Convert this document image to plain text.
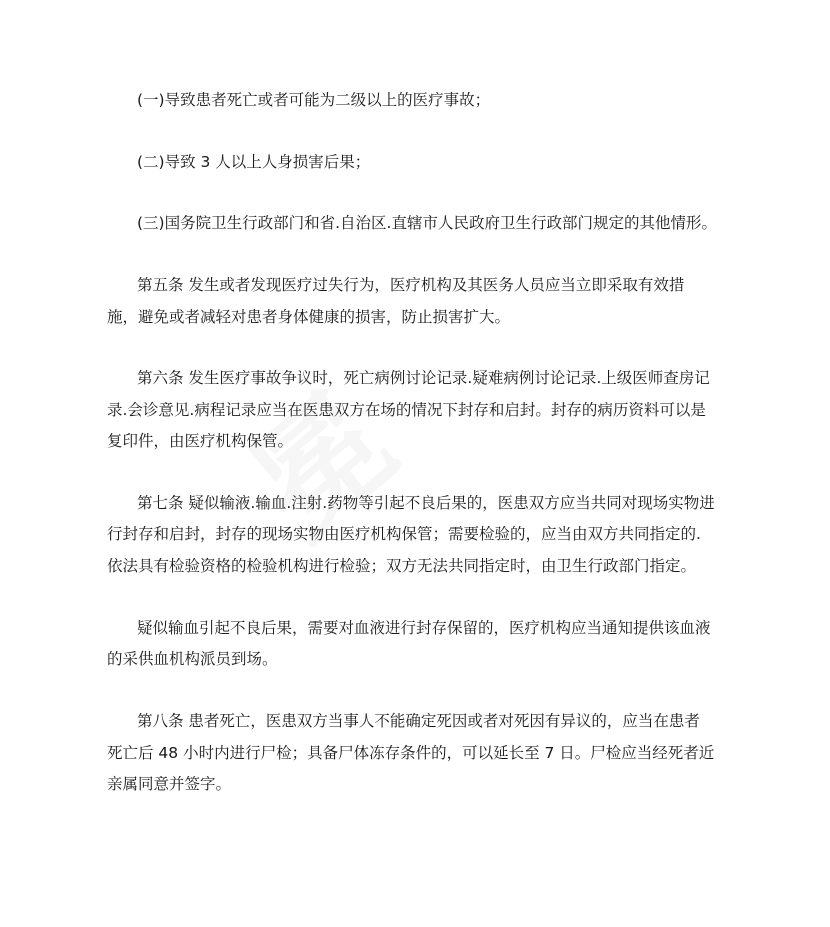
(一)导致患者死亡或者可能为二级以上的医疗事故；
(二)导致 3 人以上人身损害后果；
(三)国务院卫生行政部门和省.自治区.直辖市人民政府卫生行政部门规定的其他情形。
第五条 发生或者发现医疗过失行为，医疗机构及其医务人员应当立即采取有效措
施，避免或者减轻对患者身体健康的损害，防止损害扩大。
第六条 发生医疗事故争议时，死亡病例讨论记录.疑难病例讨论记录.上级医师查房记
录.会诊意见.病程记录应当在医患双方在场的情况下封存和启封。封存的病历资料可以是
复印件，由医疗机构保管。
第七条 疑似输液.输血.注射.药物等引起不良后果的，医患双方应当共同对现场实物进
行封存和启封，封存的现场实物由医疗机构保管；需要检验的，应当由双方共同指定的.
依法具有检验资格的检验机构进行检验；双方无法共同指定时，由卫生行政部门指定。
疑似输血引起不良后果，需要对血液进行封存保留的，医疗机构应当通知提供该血液
的采供血机构派员到场。
第八条 患者死亡，医患双方当事人不能确定死因或者对死因有异议的，应当在患者
死亡后 48 小时内进行尸检；具备尸体冻存条件的，可以延长至 7 日。尸检应当经死者近
亲属同意并签字。
